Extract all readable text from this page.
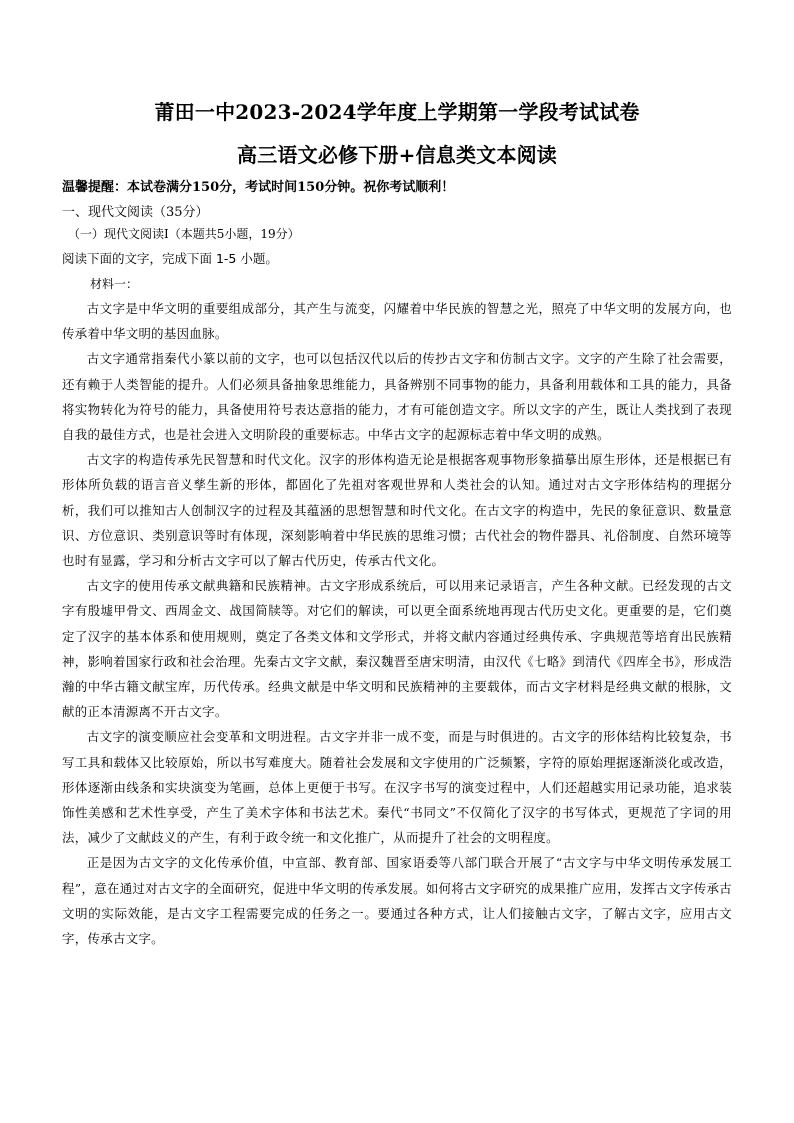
莆田一中2023-2024学年度上学期第一学段考试试卷
高三语文必修下册+信息类文本阅读
温馨提醒：本试卷满分150分，考试时间150分钟。祝你考试顺利！
一、现代文阅读（35分）
（一）现代文阅读Ⅰ（本题共5小题，19分）
阅读下面的文字，完成下面 1-5 小题。
材料一：

古文字是中华文明的重要组成部分，其产生与流变，闪耀着中华民族的智慧之光，照亮了中华文明的发展方向，也传承着中华文明的基因血脉。

古文字通常指秦代小篆以前的文字，也可以包括汉代以后的传抄古文字和仿制古文字。文字的产生除了社会需要，还有赖于人类智能的提升。人们必须具备抽象思维能力，具备辨别不同事物的能力，具备利用载体和工具的能力，具备将实物转化为符号的能力，具备使用符号表达意指的能力，才有可能创造文字。所以文字的产生，既让人类找到了表现自我的最佳方式，也是社会进入文明阶段的重要标志。中华古文字的起源标志着中华文明的成熟。

古文字的构造传承先民智慧和时代文化。汉字的形体构造无论是根据客观事物形象描摹出原生形体，还是根据已有形体所负载的语言音义孳生新的形体，都固化了先祖对客观世界和人类社会的认知。通过对古文字形体结构的理据分析，我们可以推知古人创制汉字的过程及其蕴涵的思想智慧和时代文化。在古文字的构造中，先民的象征意识、数量意识、方位意识、类别意识等时有体现，深刻影响着中华民族的思维习惯；古代社会的物件器具、礼俗制度、自然环境等也时有显露，学习和分析古文字可以了解古代历史，传承古代文化。

古文字的使用传承文献典籍和民族精神。古文字形成系统后，可以用来记录语言，产生各种文献。已经发现的古文字有殷墟甲骨文、西周金文、战国简牍等。对它们的解读，可以更全面系统地再现古代历史文化。更重要的是，它们奠定了汉字的基本体系和使用规则，奠定了各类文体和文学形式，并将文献内容通过经典传承、字典规范等培育出民族精神，影响着国家行政和社会治理。先秦古文字文献，秦汉魏晋至唐宋明清，由汉代《七略》到清代《四库全书》，形成浩瀚的中华古籍文献宝库，历代传承。经典文献是中华文明和民族精神的主要载体，而古文字材料是经典文献的根脉，文献的正本清源离不开古文字。

古文字的演变顺应社会变革和文明进程。古文字并非一成不变，而是与时俱进的。古文字的形体结构比较复杂，书写工具和载体又比较原始，所以书写难度大。随着社会发展和文字使用的广泛频繁，字符的原始理据逐渐淡化或改造，形体逐渐由线条和实块演变为笔画，总体上更便于书写。在汉字书写的演变过程中，人们还超越实用记录功能，追求装饰性美感和艺术性享受，产生了美术字体和书法艺术。秦代“书同文”不仅简化了汉字的书写体式，更规范了字词的用法，减少了文献歧义的产生，有利于政令统一和文化推广，从而提升了社会的文明程度。

正是因为古文字的文化传承价值，中宣部、教育部、国家语委等八部门联合开展了“古文字与中华文明传承发展工程”，意在通过对古文字的全面研究，促进中华文明的传承发展。如何将古文字研究的成果推广应用，发挥古文字传承古文明的实际效能，是古文字工程需要完成的任务之一。要通过各种方式，让人们接触古文字，了解古文字，应用古文字，传承古文字。
